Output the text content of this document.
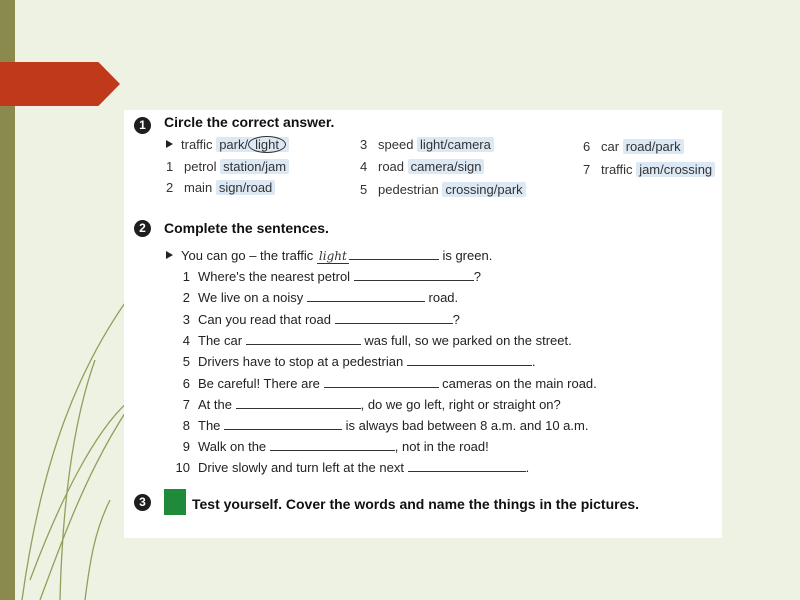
1	Circle the correct answer.
traffic park/ light
1 petrol station/jam
2 main sign/road
3 speed light/camera
4 road camera/sign
5 pedestrian crossing/park
6 car road/park
7 traffic jam/crossing
2	Complete the sentences.
You can go – the traffic light	is green.
1 Where's the nearest petrol	?
2 We live on a noisy	road.
3 Can you read that road	?
4 The car	was full, so we parked on the street.
5 Drivers have to stop at a pedestrian	.
6 Be careful! There are	cameras on the main road.
7 At the	, do we go left, right or straight on?
8 The	is always bad between 8 a.m. and 10 a.m.
9 Walk on the	, not in the road!
10 Drive slowly and turn left at the next	.
3	Test yourself. Cover the words and name the things in the pictures.
